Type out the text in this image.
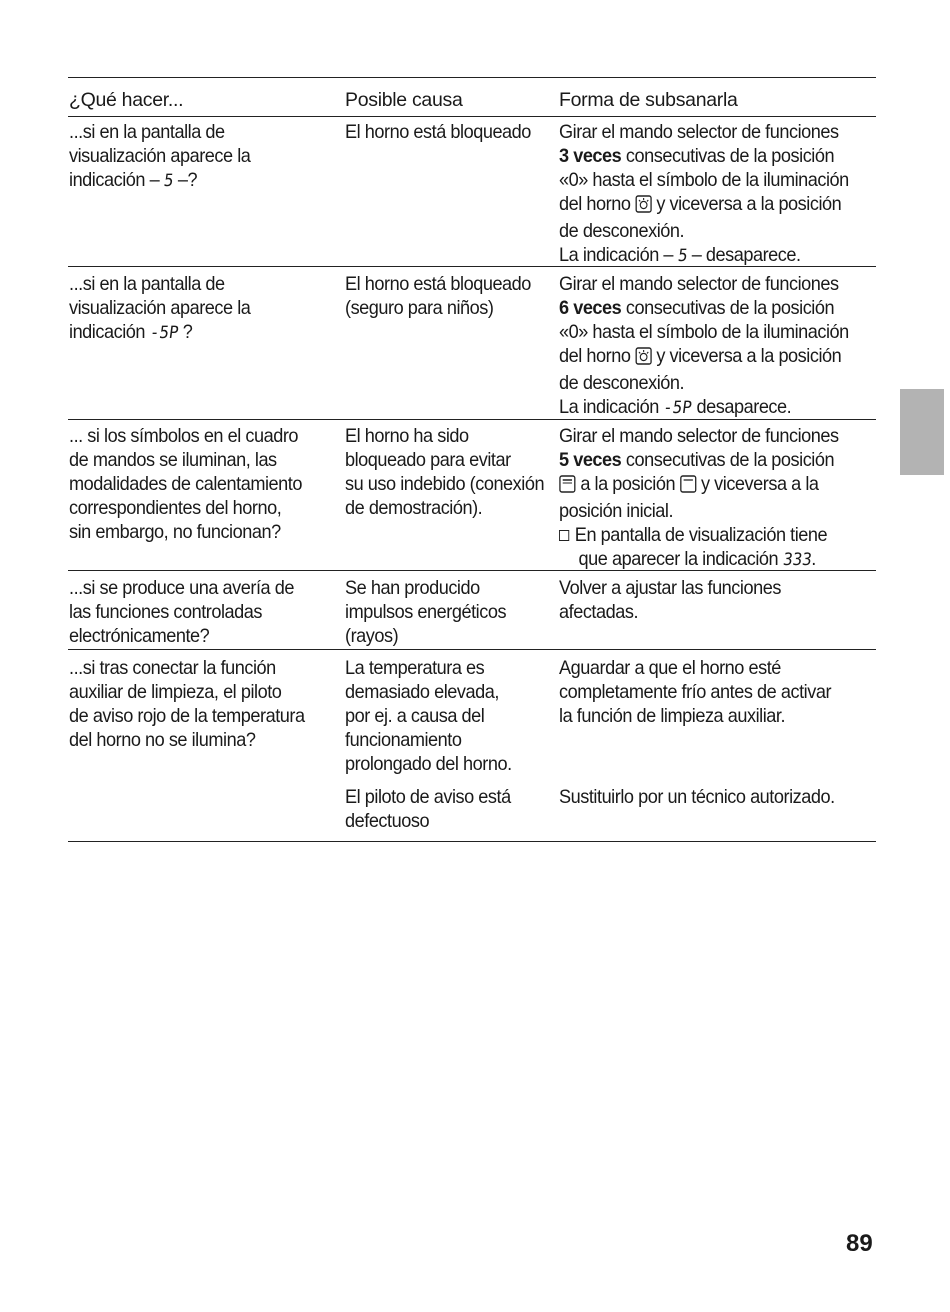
¿Qué hacer...	Posible causa	Forma de subsanarla
...si en la pantalla de
visualización aparece la
indicación – 5 –?
El horno está bloqueado Girar el mando selector de funciones
3 veces consecutivas de la posición
«0» hasta el símbolo de la iluminación
del horno  y viceversa a la posición
de desconexión.
La indicación – 5 – desaparece.
...si en la pantalla de
visualización aparece la
indicación -5P ?
El horno está bloqueado
(seguro para niños)
Girar el mando selector de funciones
6 veces consecutivas de la posición
«0» hasta el símbolo de la iluminación
del horno  y viceversa a la posición
de desconexión.
La indicación -5P desaparece.
... si los símbolos en el cuadro
de mandos se iluminan, las
modalidades de calentamiento
correspondientes del horno,
sin embargo, no funcionan?
El horno ha sido
bloqueado para evitar
su uso indebido (conexión
de demostración).
Girar el mando selector de funciones
5 veces consecutivas de la posición
a la posición  y viceversa a la
posición inicial.
En pantalla de visualización tiene
que aparecer la indicación 333.
...si se produce una avería de
las funciones controladas
electrónicamente?
Se han producido
impulsos energéticos
(rayos)
Volver a ajustar las funciones
afectadas.
...si tras conectar la función
auxiliar de limpieza, el piloto
de aviso rojo de la temperatura
del horno no se ilumina?
La temperatura es
demasiado elevada,
por ej. a causa del
funcionamiento
prolongado del horno.
Aguardar a que el horno esté
completamente frío antes de activar
la función de limpieza auxiliar.
El piloto de aviso está
defectuoso
Sustituirlo por un técnico autorizado.
89
